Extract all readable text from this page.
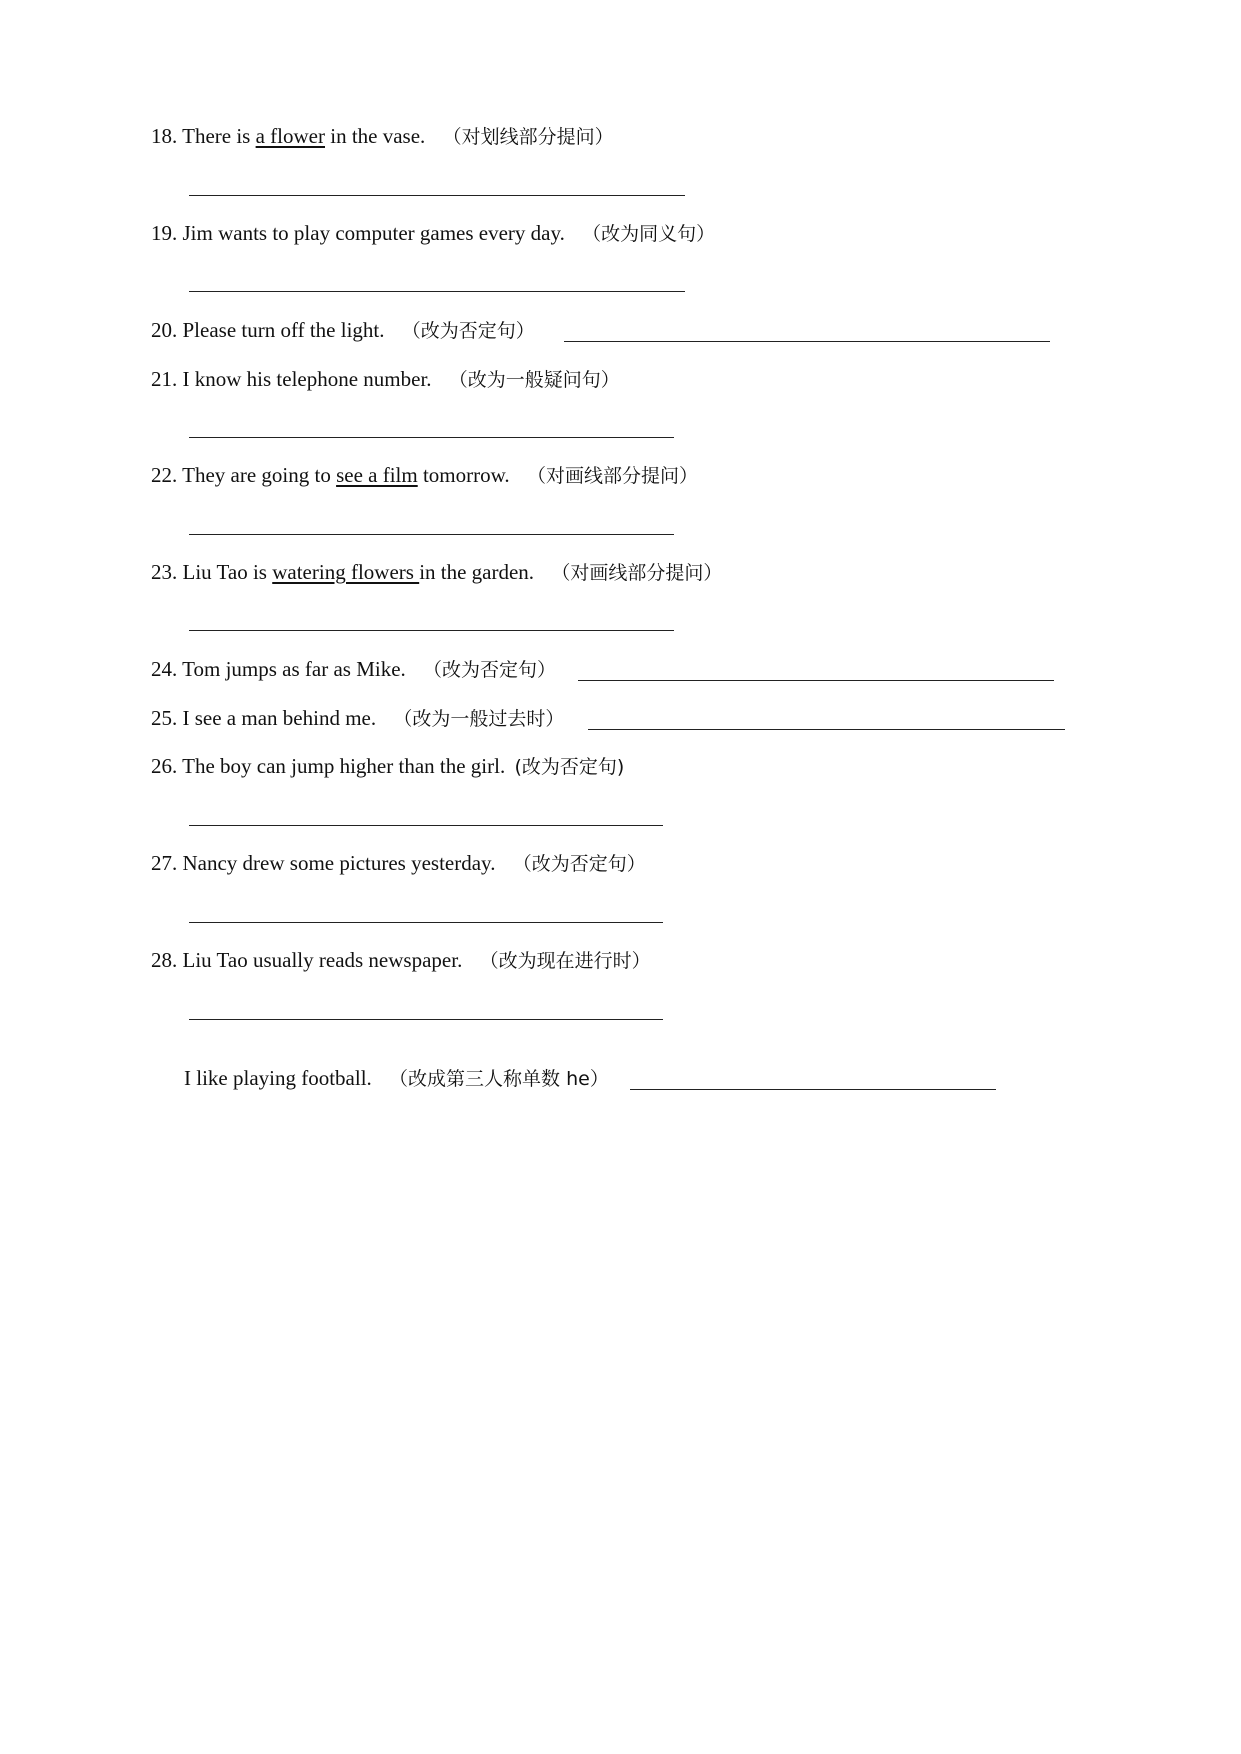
18. There is a flower in the vase. （对划线部分提问）
19. Jim wants to play computer games every day. （改为同义句）
20. Please turn off the light. （改为否定句）
21. I know his telephone number. （改为一般疑问句）
22. They are going to see a film tomorrow. （对画线部分提问）
23. Liu Tao is watering flowers in the garden. （对画线部分提问）
24. Tom jumps as far as Mike. （改为否定句）
25. I see a man behind me. （改为一般过去时）
26. The boy can jump higher than the girl. (改为否定句)
27. Nancy drew some pictures yesterday. （改为否定句）
28. Liu Tao usually reads newspaper. （改为现在进行时）
I like playing football. （改成第三人称单数 he）
